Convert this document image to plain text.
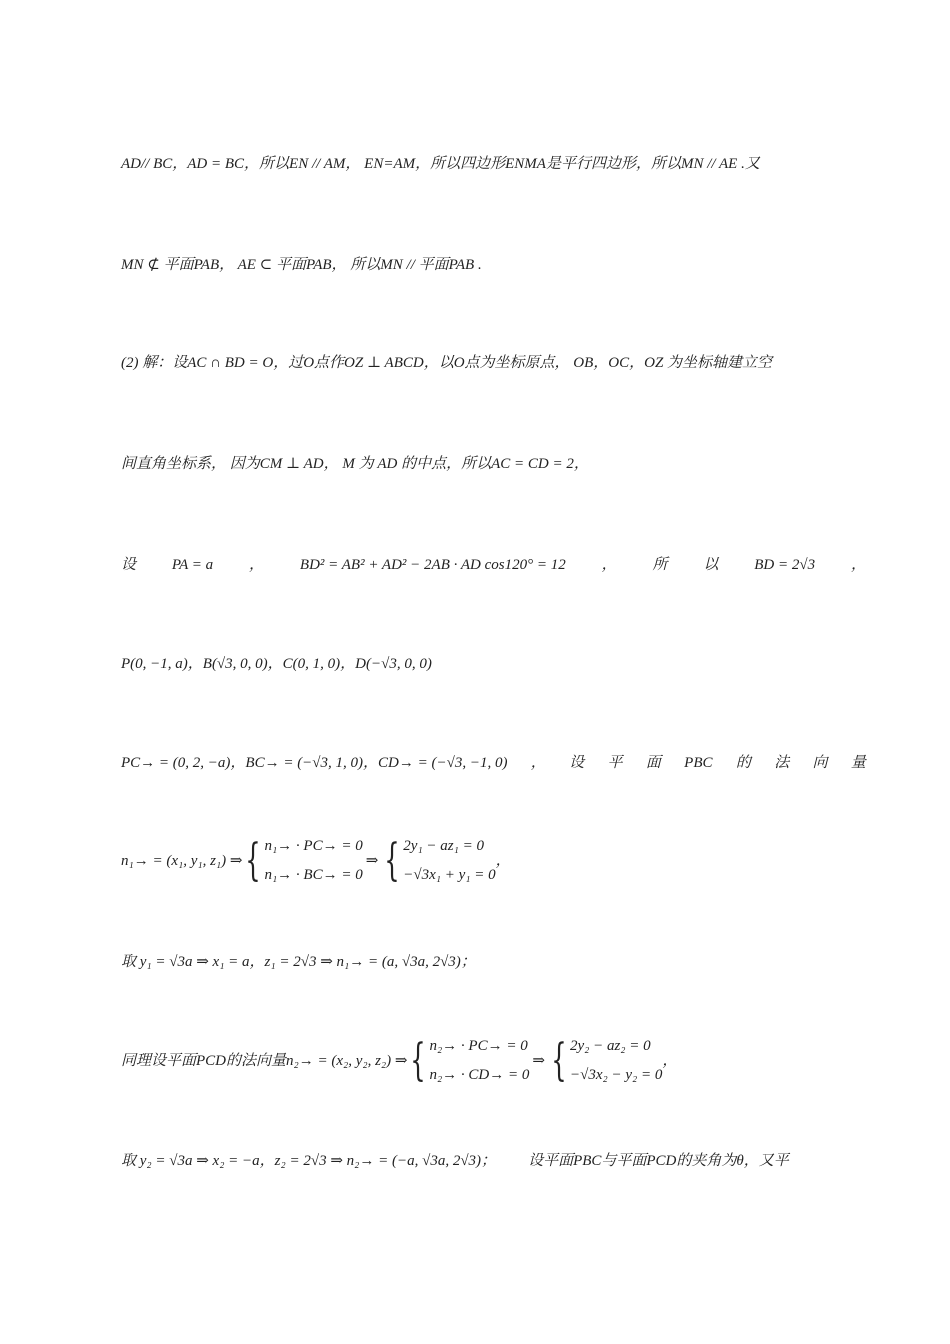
AD// BC，AD = BC，所以EN // AM， EN=AM，所以四边形ENMA是平行四边形，所以MN // AE .又
MN ⊄ 平面PAB， AE ⊂ 平面PAB， 所以MN // 平面PAB .
(2) 解：设AC ∩ BD = O，过O点作OZ ⊥ ABCD，以O点为坐标原点， OB，OC，OZ 为坐标轴建立空
间直角坐标系， 因为CM ⊥ AD， M 为 AD 的中点，所以AC = CD = 2，
设 PA = a ， BD² = AB² + AD² − 2AB · AD cos120° = 12 ， 所 以 BD = 2√3 ，
P(0, −1, a)，B(√3, 0, 0)，C(0, 1, 0)，D(−√3, 0, 0)
PC→ = (0, 2, −a)，BC→ = (−√3, 1, 0)，CD→ = (−√3, −1, 0) ， 设 平 面 PBC 的 法 向 量
n₁→ = (x₁, y₁, z₁) ⇒ { n₁→ · PC→ = 0
n₁→ · BC→ = 0
⇒ { 2y₁ − az₁ = 0
−√3x₁ + y₁ = 0
，
取 y₁ = √3a ⇒ x₁ = a，z₁ = 2√3 ⇒ n₁→ = (a, √3a, 2√3)；
同理设平面PCD的法向量n₂→ = (x₂, y₂, z₂) ⇒ { n₂→ · PC→ = 0
n₂→ · CD→ = 0
⇒ { 2y₂ − az₂ = 0
−√3x₂ − y₂ = 0
，
取 y₂ = √3a ⇒ x₂ = −a，z₂ = 2√3 ⇒ n₂→ = (−a, √3a, 2√3)； 设平面PBC与平面PCD的夹角为θ，又平
